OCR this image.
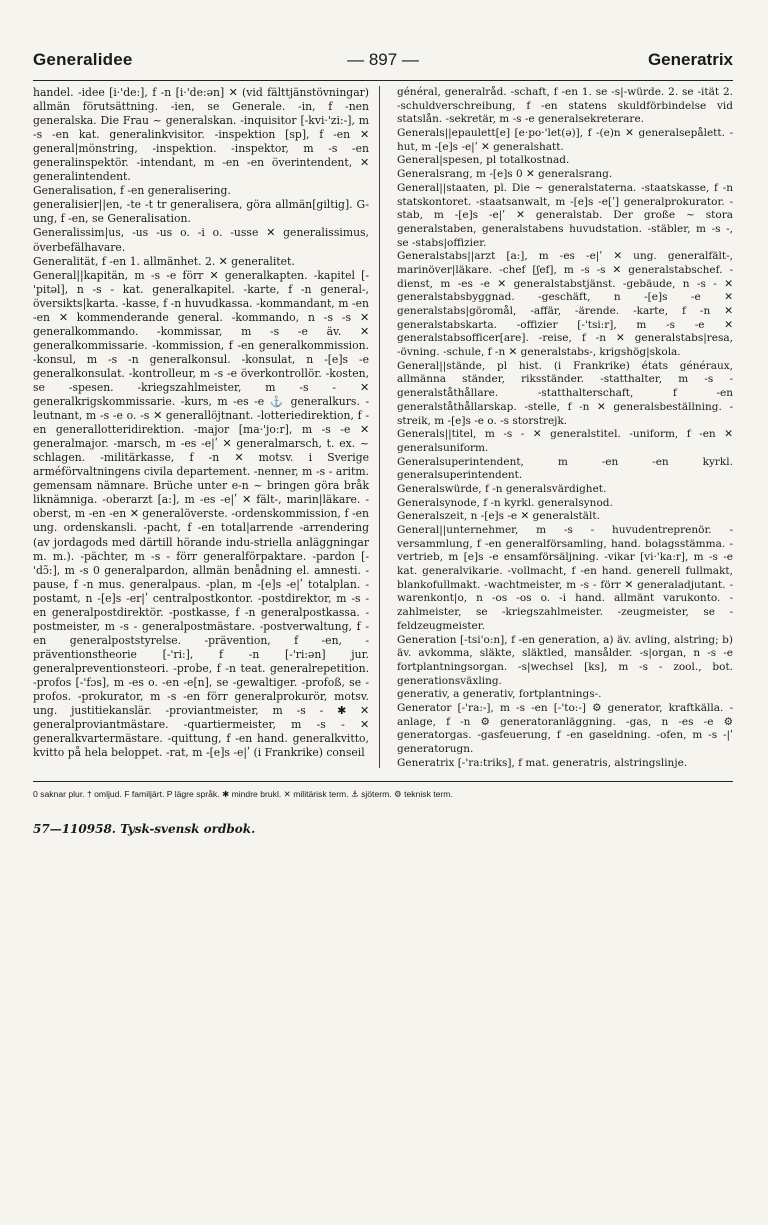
Generalidee	— 897 —	Generatrix

handel. -idee [i·'de:], f -n [i·'de:ən] ✕ (vid fälttjänstövningar) allmän förutsättning. -ien, se Generale. -in, f -nen generalska. Die Frau ~ generalskan. -inquisitor [-kvi·'zi:-], m -s -en kat. generalinkvisitor. -inspektion [sp], f -en ✕ general|mönstring, -inspektion. -inspektor, m -s -en generalinspektör. -intendant, m -en -en överintendent, ✕ generalintendent.

Generalisation, f -en generalisering.

generalisier||en, -te -t tr generalisera, göra allmän[giltig]. G-ung, f -en, se Generalisation.

Generalissim|us, -us -us o. -i o. -usse ✕ generalissimus, överbefälhavare.

Generalität, f -en 1. allmänhet. 2. ✕ generalitet.

General||kapitän, m -s -e förr ✕ generalkapten. -kapitel [-'pitəl], n -s - kat. generalkapitel. -karte, f -n general-, översikts|karta. -kasse, f -n huvudkassa. -kommandant, m -en -en ✕ kommenderande general. -kommando, n -s -s ✕ generalkommando. -kommissar, m -s -e äv. ✕ generalkommissarie. -kommission, f -en generalkommission. -konsul, m -s -n generalkonsul. -konsulat, n -[e]s -e generalkonsulat. -kontrolleur, m -s -e överkontrollör. -kosten, se -spesen. -kriegszahlmeister, m -s - ✕ generalkrigskommissarie. -kurs, m -es -e ⚓ generalkurs. -leutnant, m -s -e o. -s ✕ generallöjtnant. -lotteriedirektion, f -en generallotteridirektion. -major [ma·'jo:r], m -s -e ✕ generalmajor. -marsch, m -es -e|ʹ ✕ generalmarsch, t. ex. ~ schlagen. -militärkasse, f -n ✕ motsv. i Sverige arméförvaltningens civila departement. -nenner, m -s - aritm. gemensam nämnare. Brüche unter e-n ~ bringen göra bråk liknämniga. -oberarzt [a:], m -es -e|ʹ ✕ fält-, marin|läkare. -oberst, m -en -en ✕ generalöverste. -ordenskommission, f -en ung. ordenskansli. -pacht, f -en total|arrende -arrendering (av jordagods med därtill hörande indu-striella anläggningar m. m.). -pächter, m -s - förr generalförpaktare. -pardon [-'dɔ̃:], m -s 0 generalpardon, allmän benådning el. amnesti. -pause, f -n mus. generalpaus. -plan, m -[e]s -e|ʹ totalplan. -postamt, n -[e]s -er|ʹ centralpostkontor. -postdirektor, m -s -en generalpostdirektör. -postkasse, f -n generalpostkassa. -postmeister, m -s - generalpostmästare. -postverwaltung, f -en generalpoststyrelse. -prävention, f -en, -präventionstheorie [-'ri:], f -n [-'ri:ən] jur. generalpreventionsteori. -probe, f -n teat. generalrepetition. -profos [-'fɔs], m -es o. -en -e[n], se -gewaltiger. -profoß, se -profos. -prokurator, m -s -en förr generalprokurör, motsv. ung. justitiekanslär. -proviantmeister, m -s - ✱ ✕ generalproviantmästare. -quartiermeister, m -s - ✕ generalkvartermästare. -quittung, f -en hand. generalkvitto, kvitto på hela beloppet. -rat, m -[e]s -e|ʹ (i Frankrike) conseil

général, generalråd. -schaft, f -en 1. se -s|-würde. 2. se -ität 2. -schuldverschreibung, f -en statens skuldförbindelse vid statslån. -sekretär, m -s -e generalsekreterare.

Generals||epaulett[e] [e·po·'let(ə)], f -(e)n ✕ generalsepålett. -hut, m -[e]s -e|ʹ ✕ generalshatt.

General|spesen, pl totalkostnad.

Generalsrang, m -[e]s 0 ✕ generalsrang.

General||staaten, pl. Die ~ generalstaterna. -staatskasse, f -n statskontoret. -staatsanwalt, m -[e]s -e[ʹ] generalprokurator. -stab, m -[e]s -e|ʹ ✕ generalstab. Der große ~ stora generalstaben, generalstabens huvudstation. -stäbler, m -s -, se -stabs|offizier.

Generalstabs||arzt [a:], m -es -e|ʹ ✕ ung. generalfält-, marinöver|läkare. -chef [ʃef], m -s -s ✕ generalstabschef. -dienst, m -es -e ✕ generalstabstjänst. -gebäude, n -s - ✕ generalstabsbyggnad. -geschäft, n -[e]s -e ✕ generalstabs|göromål, -affär, -ärende. -karte, f -n ✕ generalstabskarta. -offizier [-'tsi:r], m -s -e ✕ generalstabsofficer[are]. -reise, f -n ✕ generalstabs|resa, -övning. -schule, f -n ✕ generalstabs-, krigshög|skola.

General||stände, pl hist. (i Frankrike) états généraux, allmänna ständer, riksständer. -statthalter, m -s - generalståthållare. -statthalterschaft, f -en generalståthållarskap. -stelle, f -n ✕ generalsbeställning. -streik, m -[e]s -e o. -s storstrejk.

Generals||titel, m -s - ✕ generalstitel. -uniform, f -en ✕ generalsuniform.

Generalsuperintendent, m -en -en kyrkl. generalsuperintendent.

Generalswürde, f -n generalsvärdighet.

Generalsynode, f -n kyrkl. generalsynod.

Generalszeit, n -[e]s -e ✕ generalstält.

General||unternehmer, m -s - huvudentreprenör. -versammlung, f -en generalförsamling, hand. bolagsstämma. -vertrieb, m [e]s -e ensamförsäljning. -vikar [vi·'ka:r], m -s -e kat. generalvikarie. -vollmacht, f -en hand. generell fullmakt, blankofullmakt. -wachtmeister, m -s - förr ✕ generaladjutant. -warenkont|o, n -os -os o. -i hand. allmänt varukonto. -zahlmeister, se -kriegszahlmeister. -zeugmeister, se -feldzeugmeister.

Generation [-tsi'o:n], f -en generation, a) äv. avling, alstring; b) äv. avkomma, släkte, släktled, mansålder. -s|organ, n -s -e fortplantningsorgan. -s|wechsel [ks], m -s - zool., bot. generationsväxling.

generativ, a generativ, fortplantnings-.

Generator [-'ra:-], m -s -en [-'to:-] ⚙ generator, kraftkälla. -anlage, f -n ⚙ generatoranläggning. -gas, n -es -e ⚙ generatorgas. -gasfeuerung, f -en gaseldning. -ofen, m -s -|ʹ generatorugn.

Generatrix [-'ra:triks], f mat. generatris, alstringslinje.

0 saknar plur. † omljud. F familjärt. P lägre språk. ✱ mindre brukl. ✕ militärisk term. ⚓ sjöterm. ⚙ teknisk term.
57—110958. Tysk-svensk ordbok.
